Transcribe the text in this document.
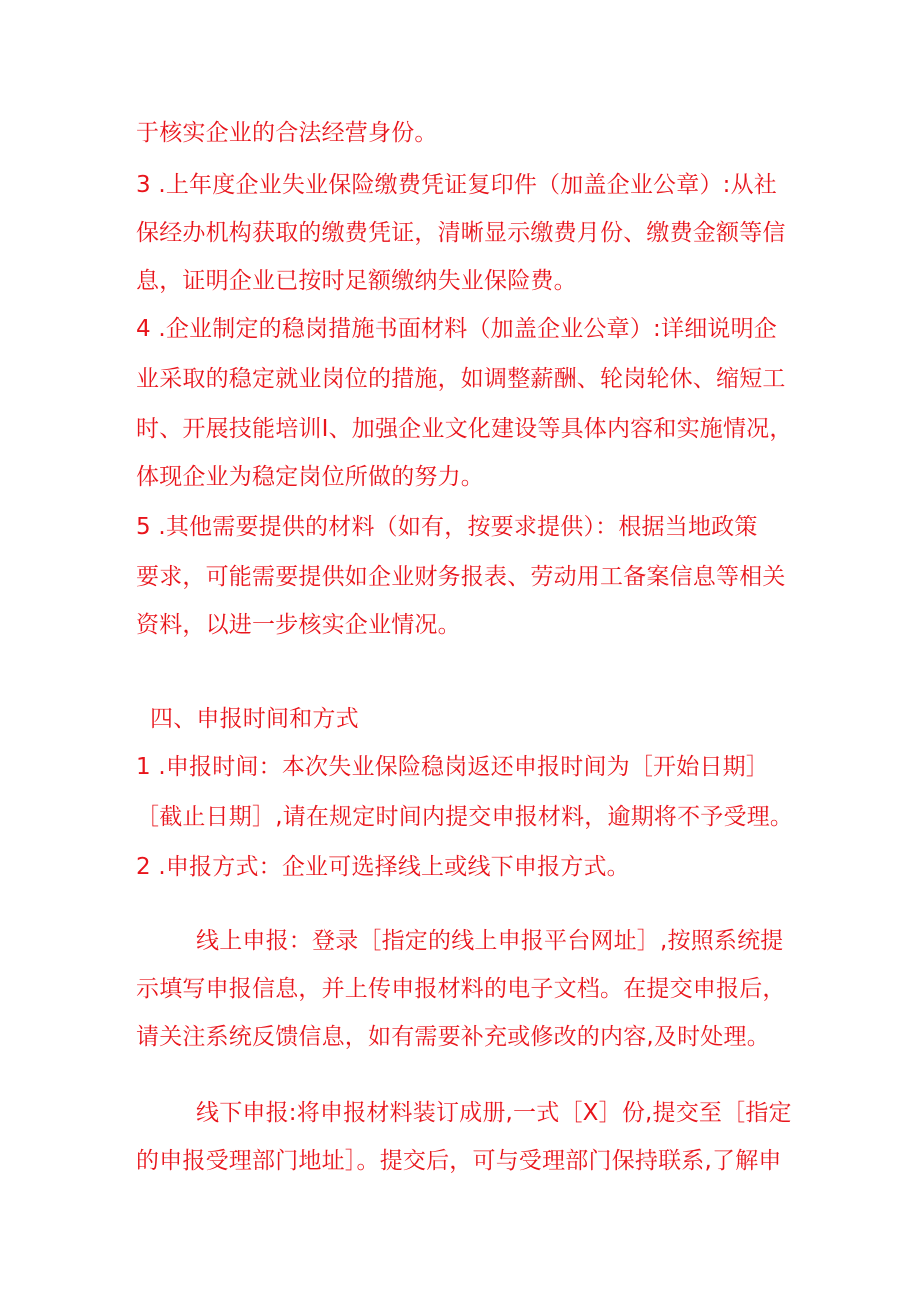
于核实企业的合法经营身份。
3 .上年度企业失业保险缴费凭证复印件（加盖企业公章）:从社
保经办机构获取的缴费凭证，清晰显示缴费月份、缴费金额等信
息，证明企业已按时足额缴纳失业保险费。
4 .企业制定的稳岗措施书面材料（加盖企业公章）:详细说明企
业采取的稳定就业岗位的措施，如调整薪酬、轮岗轮休、缩短工
时、开展技能培训I、加强企业文化建设等具体内容和实施情况，
体现企业为稳定岗位所做的努力。
5 .其他需要提供的材料（如有，按要求提供）：根据当地政策
要求，可能需要提供如企业财务报表、劳动用工备案信息等相关
资料，以进一步核实企业情况。
四、申报时间和方式
1 .申报时间：本次失业保险稳岗返还申报时间为［开始日期］
［截止日期］,请在规定时间内提交申报材料，逾期将不予受理。
2 .申报方式：企业可选择线上或线下申报方式。
线上申报：登录［指定的线上申报平台网址］,按照系统提
示填写申报信息，并上传申报材料的电子文档。在提交申报后，
请关注系统反馈信息，如有需要补充或修改的内容,及时处理。
线下申报:将申报材料装订成册,一式［X］份,提交至［指定
的申报受理部门地址］。提交后，可与受理部门保持联系,了解申
